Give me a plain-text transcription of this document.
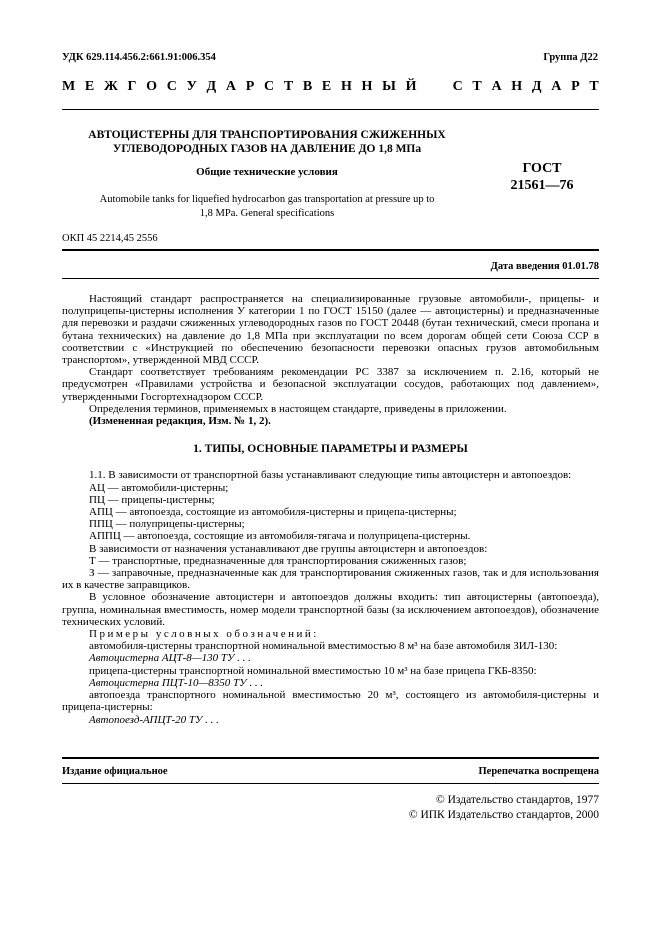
УДК 629.114.456.2:661.91:006.354	Группа Д22
М Е Ж Г О С У Д А Р С Т В Е Н Н Ы Й

	С Т А Н Д А Р Т
АВТОЦИСТЕРНЫ ДЛЯ ТРАНСПОРТИРОВАНИЯ СЖИЖЕННЫХ
УГЛЕВОДОРОДНЫХ ГАЗОВ НА ДАВЛЕНИЕ ДО 1,8 МПа
Общие технические условия	ГОСТ
21561—76
Automobile tanks for liquefied hydrocarbon gas transportation at pressure up to
1,8 MPa. General specifications
ОКП 45 2214,45 2556
Дата введения 01.01.78

Настоящий стандарт распространяется на специализированные грузовые автомобили-, прицепы- и полуприцепы-цистерны исполнения У категории 1 по ГОСТ 15150 (далее — автоцистерны) и предназначенные для перевозки и раздачи сжиженных углеводородных газов по ГОСТ 20448 (бутан технический, смеси пропана и бутана технических) на давление до 1,8 МПа при эксплуатации по всем дорогам общей сети Союза ССР в соответствии с «Инструкцией по обеспечению безопасности перевозки опасных грузов автомобильным транспортом», утвержденной МВД СССР.

Стандарт соответствует требованиям рекомендации РС 3387 за исключением п. 2.16, который не предусмотрен «Правилами устройства и безопасной эксплуатации сосудов, работающих под давлением», утвержденными Госгортехнадзором СССР.

Определения терминов, применяемых в настоящем стандарте, приведены в приложении.

(Измененная редакция, Изм. № 1, 2).

1. ТИПЫ, ОСНОВНЫЕ ПАРАМЕТРЫ И РАЗМЕРЫ

1.1. В зависимости от транспортной базы устанавливают следующие типы автоцистерн и автопоездов:

АЦ — автомобили-цистерны;

ПЦ — прицепы-цистерны;

АПЦ — автопоезда, состоящие из автомобиля-цистерны и прицепа-цистерны;

ППЦ — полуприцепы-цистерны;

АППЦ — автопоезда, состоящие из автомобиля-тягача и полуприцепа-цистерны.

В зависимости от назначения устанавливают две группы автоцистерн и автопоездов:

Т — транспортные, предназначенные для транспортирования сжиженных газов;

З — заправочные, предназначенные как для транспортирования сжиженных газов, так и для использования их в качестве заправщиков.

В условное обозначение автоцистерн и автопоездов должны входить: тип автоцистерны (автопоезда), группа, номинальная вместимость, номер модели транспортной базы (за исключением автопоездов), обозначение технических условий.

Примеры условных обозначений:

автомобиля-цистерны транспортной номинальной вместимостью 8 м³ на базе автомобиля ЗИЛ-130:

Автоцистерна АЦТ-8—130 ТУ . . .

прицепа-цистерны транспортной номинальной вместимостью 10 м³ на базе прицепа ГКБ-8350:

Автоцистерна ПЦТ-10—8350 ТУ . . .

автопоезда транспортного номинальной вместимостью 20 м³, состоящего из автомобиля-цистерны и прицепа-цистерны:

Автопоезд-АПЦТ-20 ТУ . . .

Издание официальное	Перепечатка воспрещена
© Издательство стандартов, 1977
© ИПК Издательство стандартов, 2000
